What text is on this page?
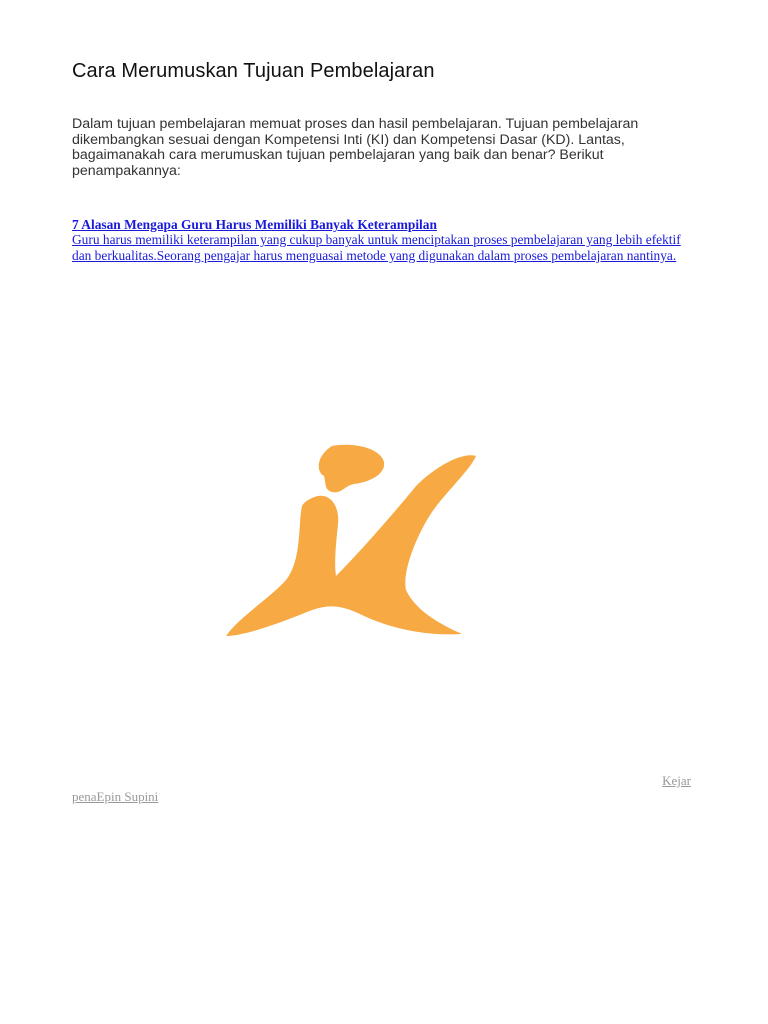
Cara Merumuskan Tujuan Pembelajaran

Dalam tujuan pembelajaran memuat proses dan hasil pembelajaran. Tujuan pembelajaran dikembangkan sesuai dengan Kompetensi Inti (KI) dan Kompetensi Dasar (KD). Lantas, bagaimanakah cara merumuskan tujuan pembelajaran yang baik dan benar? Berikut penampakannya:

7 Alasan Mengapa Guru Harus Memiliki Banyak Keterampilan
Guru harus memiliki keterampilan yang cukup banyak untuk menciptakan proses pembelajaran yang lebih efektif dan berkualitas.Seorang pengajar harus menguasai metode yang digunakan dalam proses pembelajaran nantinya.
Kejar
penaEpin Supini
